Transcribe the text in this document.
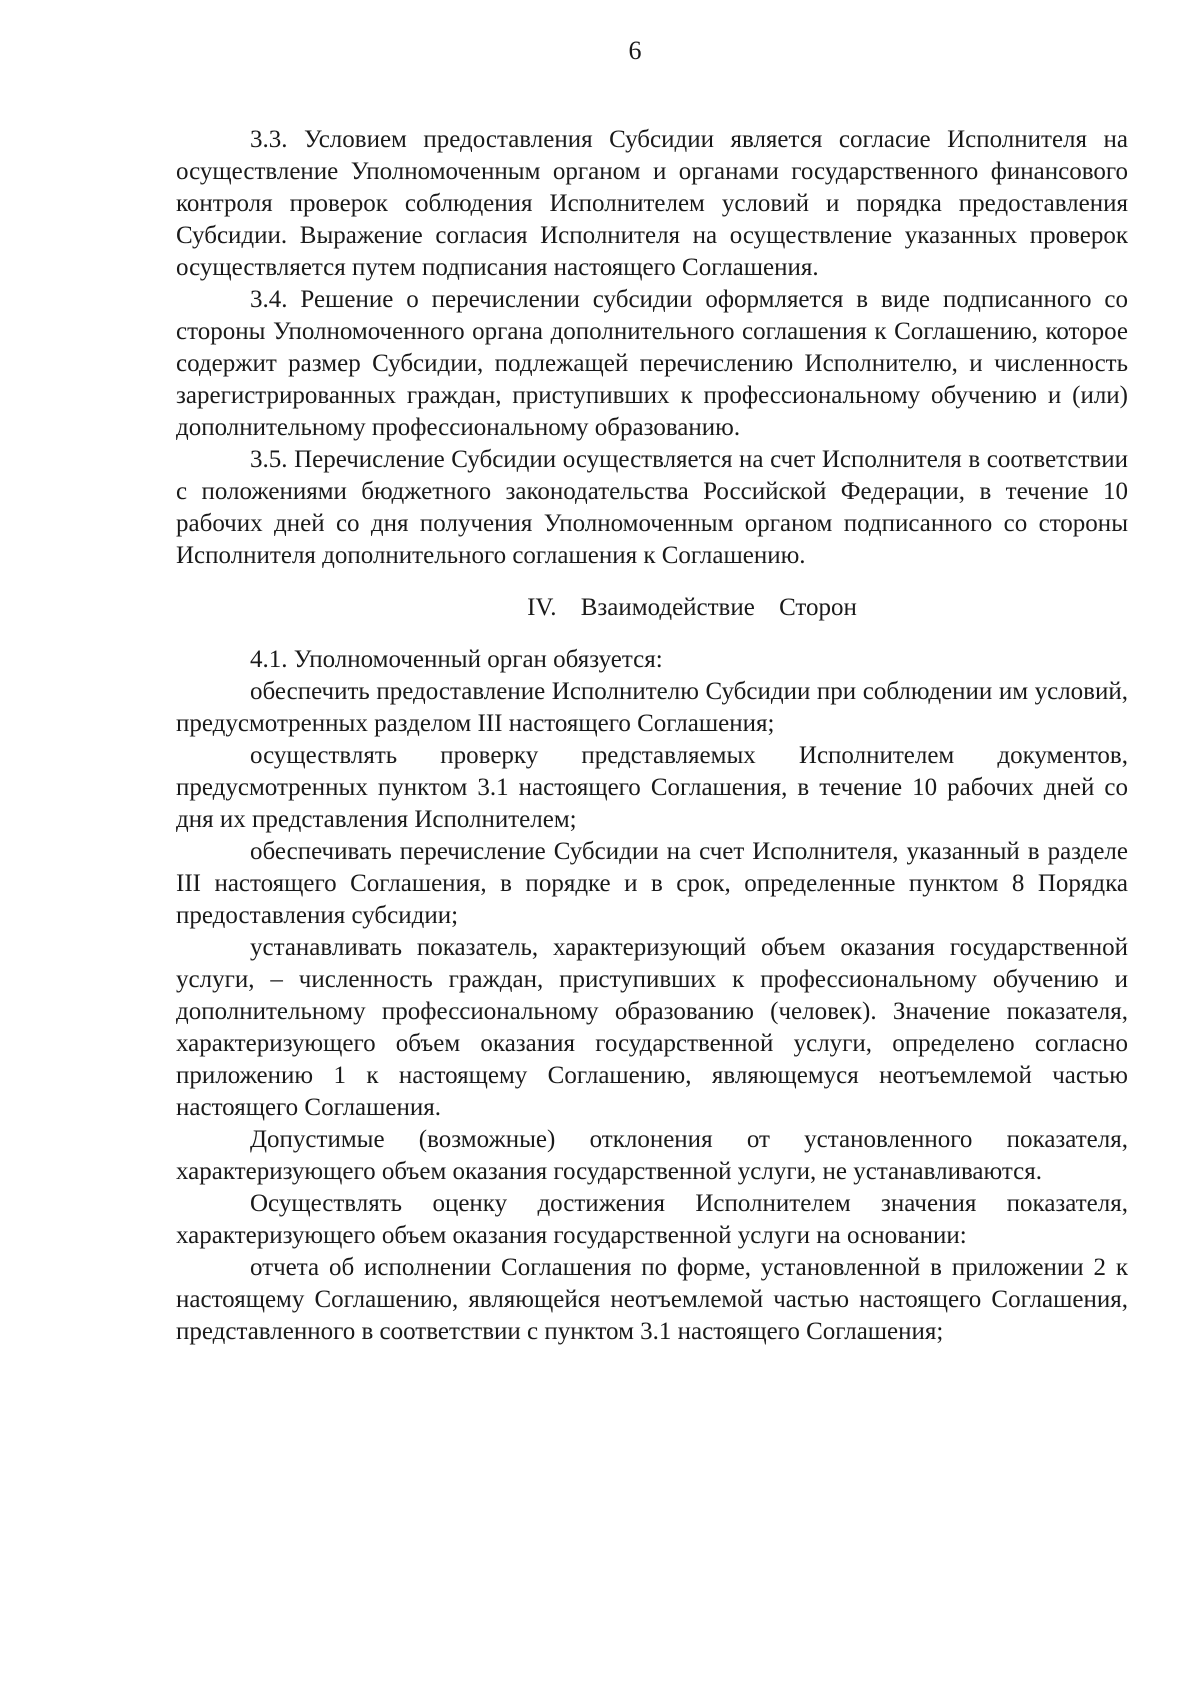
6

3.3. Условием предоставления Субсидии является согласие Исполнителя на осуществление Уполномоченным органом и органами государственного финансового контроля проверок соблюдения Исполнителем условий и порядка предоставления Субсидии. Выражение согласия Исполнителя на осуществление указанных проверок осуществляется путем подписания настоящего Соглашения.

3.4. Решение о перечислении субсидии оформляется в виде подписанного со стороны Уполномоченного органа дополнительного соглашения к Соглашению, которое содержит размер Субсидии, подлежащей перечислению Исполнителю, и численность зарегистрированных граждан, приступивших к профессиональному обучению и (или) дополнительному профессиональному образованию.

3.5. Перечисление Субсидии осуществляется на счет Исполнителя в соответствии с положениями бюджетного законодательства Российской Федерации, в течение 10 рабочих дней со дня получения Уполномоченным органом подписанного со стороны Исполнителя дополнительного соглашения к Соглашению.

IV. Взаимодействие Сторон

4.1. Уполномоченный орган обязуется:

обеспечить предоставление Исполнителю Субсидии при соблюдении им условий, предусмотренных разделом III настоящего Соглашения;

осуществлять проверку представляемых Исполнителем документов, предусмотренных пунктом 3.1 настоящего Соглашения, в течение 10 рабочих дней со дня их представления Исполнителем;

обеспечивать перечисление Субсидии на счет Исполнителя, указанный в разделе III настоящего Соглашения, в порядке и в срок, определенные пунктом 8 Порядка предоставления субсидии;

устанавливать показатель, характеризующий объем оказания государственной услуги, – численность граждан, приступивших к профессиональному обучению и дополнительному профессиональному образованию (человек). Значение показателя, характеризующего объем оказания государственной услуги, определено согласно приложению 1 к настоящему Соглашению, являющемуся неотъемлемой частью настоящего Соглашения.

Допустимые (возможные) отклонения от установленного показателя, характеризующего объем оказания государственной услуги, не устанавливаются.

Осуществлять оценку достижения Исполнителем значения показателя, характеризующего объем оказания государственной услуги на основании:

отчета об исполнении Соглашения по форме, установленной в приложении 2 к настоящему Соглашению, являющейся неотъемлемой частью настоящего Соглашения, представленного в соответствии с пунктом 3.1 настоящего Соглашения;
